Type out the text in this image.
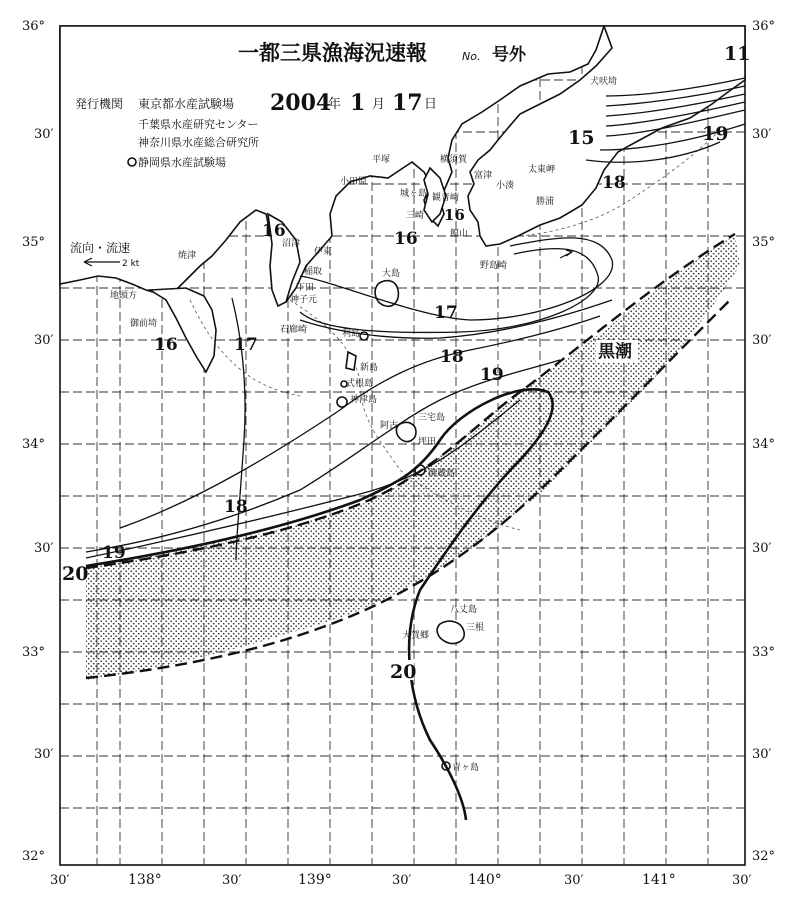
一都三県漁海況速報	No. 号外
発行機関 東京都水産試験場
千葉県水産研究センター
神奈川県水産総合研究所
静岡県水産試験場
2004
年 1 月 17 日
流向・流速
2 kt
黒潮
犬吠埼
太東岬
小湊
勝浦
富津
横須賀
平塚
小田原
観音崎
三崎
城ヶ島
館山
野島崎
焼津
沼津
伊東
稲取
下田
神子元
石廊崎
地頭方
御前埼
大島
利島
新島
式根島
神津島
三宅島
阿古
坪田
御蔵島
八丈島
三根
大賀郷
青ヶ島
11
15
16	16
16
16	17
17
18
18
18
19
19
19
20
20
36°
30′
35°
30′
34°
30′
33°
30′
32°
36°
30′
35°
30′
34°
30′
33°
30′
32°
30′	138°	30′	139°	30′	140°	30′	141°	30′
